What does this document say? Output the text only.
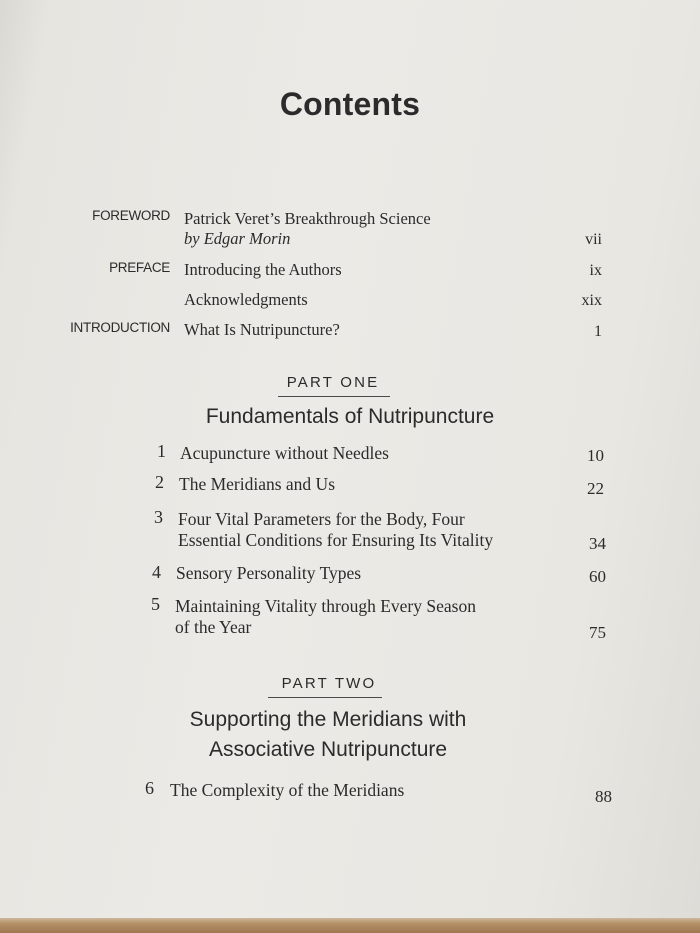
Contents
FOREWORD Patrick Veret’s Breakthrough Science
by Edgar Morin	vii
PREFACE Introducing the Authors	ix
Acknowledgments	xix
INTRODUCTION What Is Nutripuncture?	1
PART ONE
Fundamentals of Nutripuncture
1 Acupuncture without Needles	10
2 The Meridians and Us	22
3 Four Vital Parameters for the Body, Four
Essential Conditions for Ensuring Its Vitality	34
4 Sensory Personality Types	60
5 Maintaining Vitality through Every Season
of the Year	75
PART TWO
Supporting the Meridians with
Associative Nutripuncture
6 The Complexity of the Meridians	88
